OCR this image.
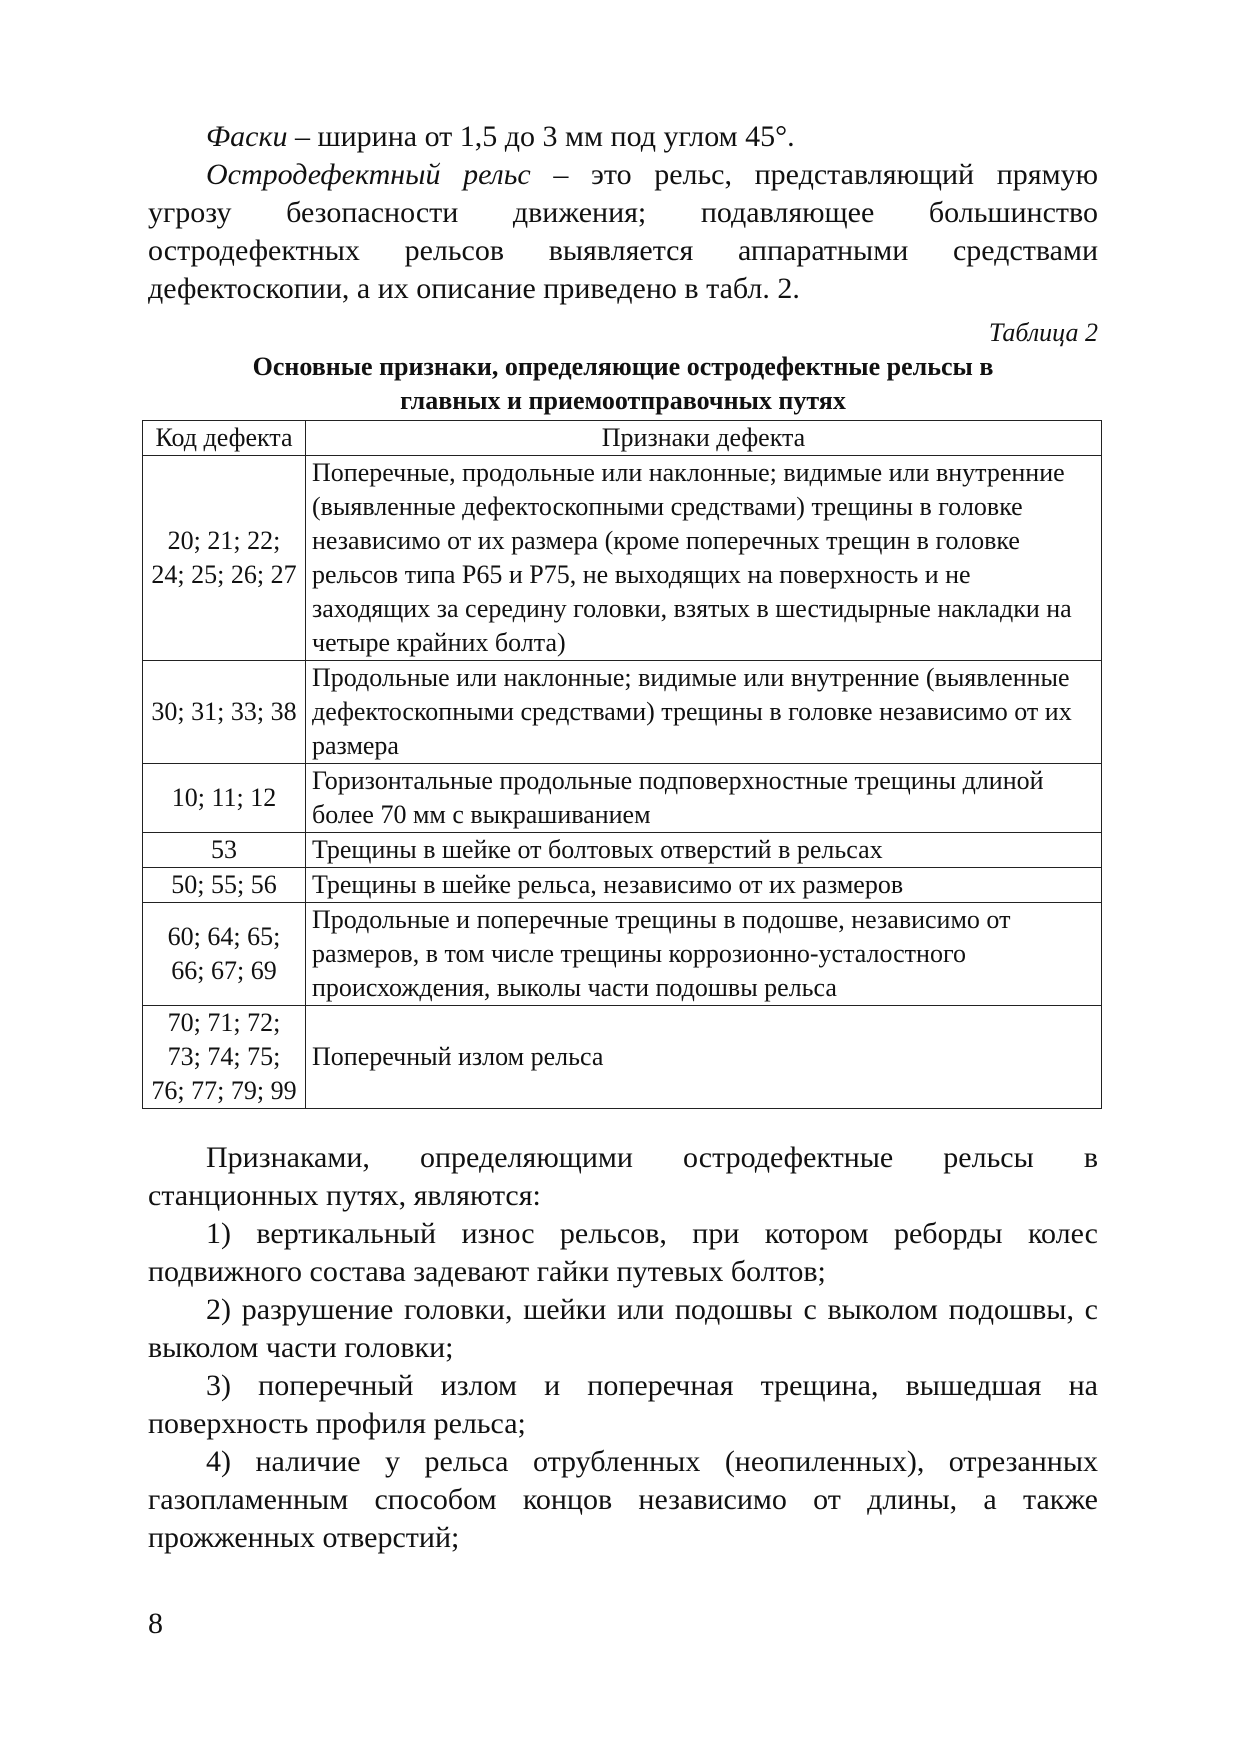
Фаски – ширина от 1,5 до 3 мм под углом 45°.

Остродефектный рельс – это рельс, представляющий прямую угрозу безопасности движения; подавляющее большинство остродефектных рельсов выявляется аппаратными средствами дефектоскопии, а их описание приведено в табл. 2.

Таблица 2
Основные признаки, определяющие остродефектные рельсы в
главных и приемоотправочных путях
Код дефекта	Признаки дефекта
20; 21; 22; 24; 25; 26; 27	Поперечные, продольные или наклонные; видимые или внутренние (выявленные дефектоскопными средствами) трещины в головке независимо от их размера (кроме поперечных трещин в головке рельсов типа Р65 и Р75, не выходящих на поверхность и не заходящих за середину головки, взятых в шестидырные накладки на четыре крайних болта)
30; 31; 33; 38	Продольные или наклонные; видимые или внутренние (выявленные дефектоскопными средствами) трещины в головке независимо от их размера
10; 11; 12	Горизонтальные продольные подповерхностные трещины длиной более 70 мм с выкрашиванием
53	Трещины в шейке от болтовых отверстий в рельсах
50; 55; 56	Трещины в шейке рельса, независимо от их размеров
60; 64; 65; 66; 67; 69	Продольные и поперечные трещины в подошве, независимо от размеров, в том числе трещины коррозионно-усталостного происхождения, выколы части подошвы рельса
70; 71; 72; 73; 74; 75; 76; 77; 79; 99	Поперечный излом рельса

Признаками, определяющими остродефектные рельсы в станционных путях, являются:

1) вертикальный износ рельсов, при котором реборды колес подвижного состава задевают гайки путевых болтов;

2) разрушение головки, шейки или подошвы с выколом подошвы, с выколом части головки;

3) поперечный излом и поперечная трещина, вышедшая на поверхность профиля рельса;

4) наличие у рельса отрубленных (неопиленных), отрезанных газопламенным способом концов независимо от длины, а также прожженных отверстий;

8
